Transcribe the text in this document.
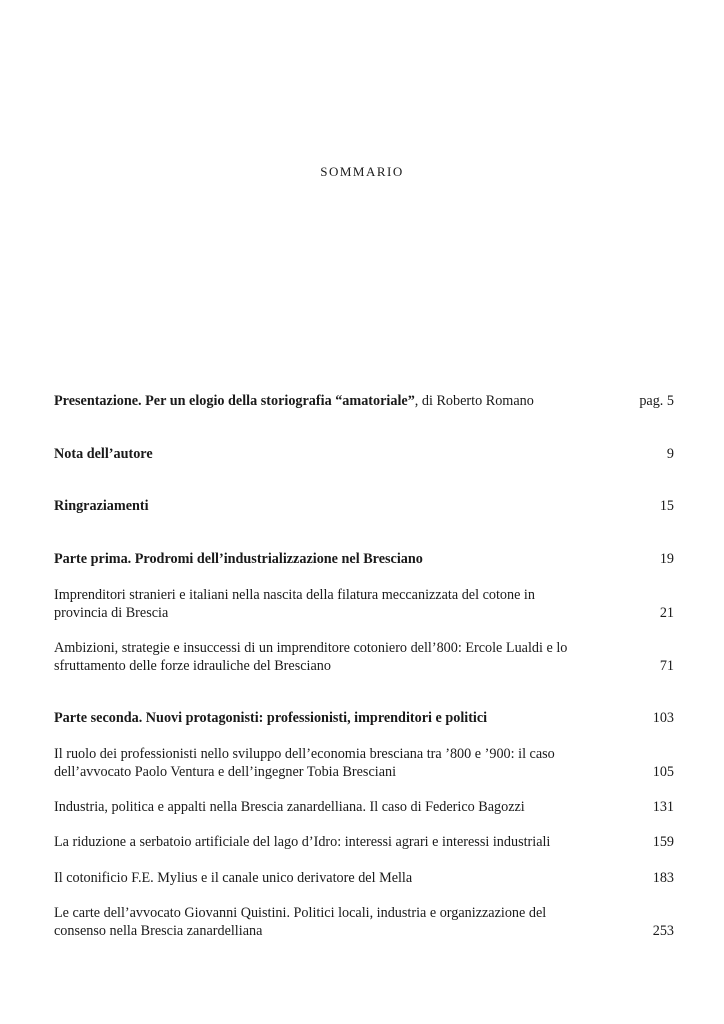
sommario
Presentazione. Per un elogio della storiografia “amatoriale”, di Roberto Romano	pag. 5
Nota dell’autore	9
Ringraziamenti	15
Parte prima. Prodromi dell’industrializzazione nel Bresciano	19
Imprenditori stranieri e italiani nella nascita della filatura meccanizzata del cotone in provincia di Brescia	21
Ambizioni, strategie e insuccessi di un imprenditore cotoniero dell’800: Ercole Lualdi e lo sfruttamento delle forze idrauliche del Bresciano	71
Parte seconda. Nuovi protagonisti: professionisti, imprenditori e politici	103
Il ruolo dei professionisti nello sviluppo dell’economia bresciana tra ’800 e ’900: il caso dell’avvocato Paolo Ventura e dell’ingegner Tobia Bresciani	105
Industria, politica e appalti nella Brescia zanardelliana. Il caso di Federico Bagozzi	131
La riduzione a serbatoio artificiale del lago d’Idro: interessi agrari e interessi industriali	159
Il cotonificio F.E. Mylius e il canale unico derivatore del Mella	183
Le carte dell’avvocato Giovanni Quistini. Politici locali, industria e organizzazione del consenso nella Brescia zanardelliana	253
